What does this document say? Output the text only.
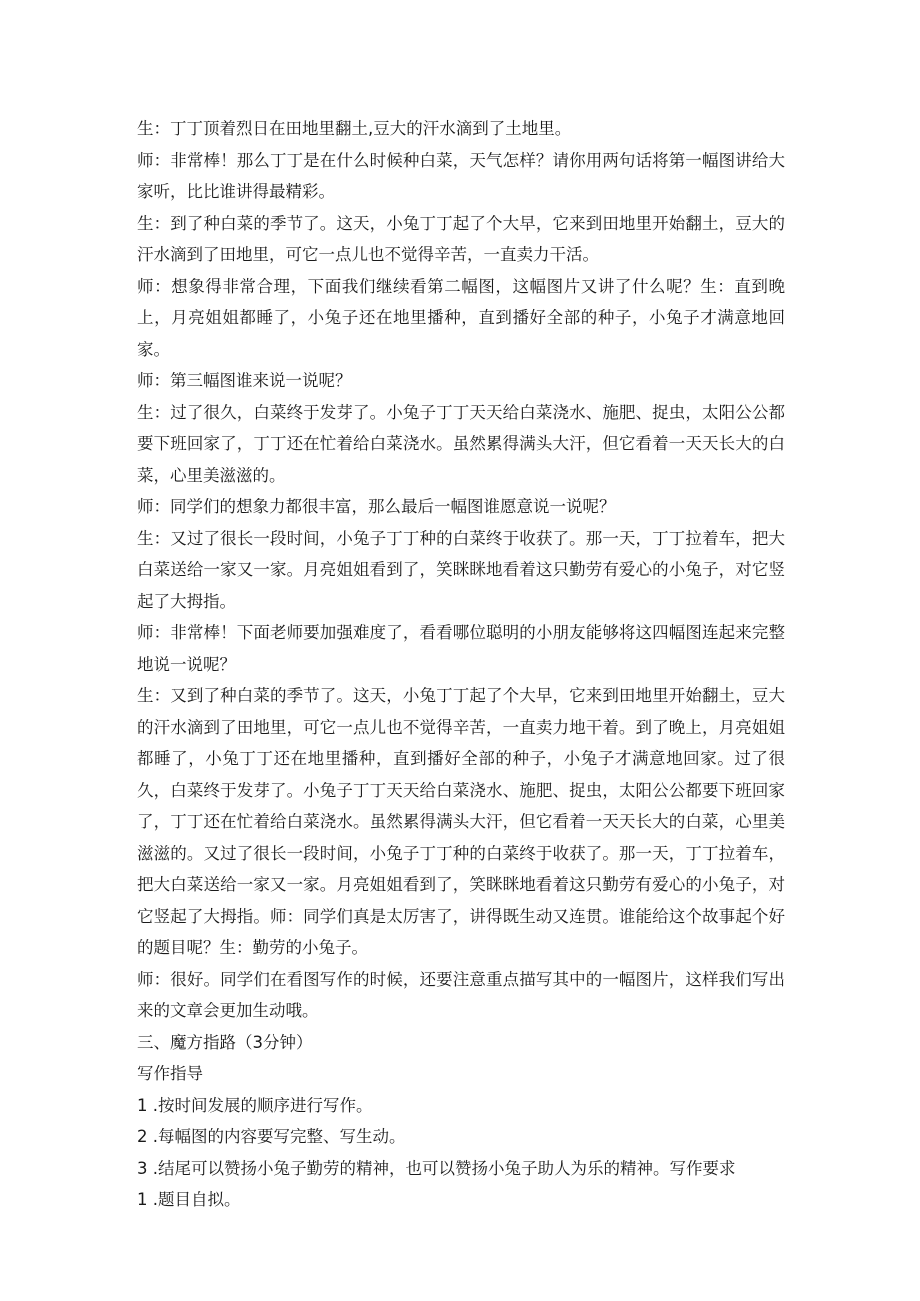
生：丁丁顶着烈日在田地里翻土,豆大的汗水滴到了土地里。

师：非常棒！那么丁丁是在什么时候种白菜，天气怎样？请你用两句话将第一幅图讲给大家听，比比谁讲得最精彩。

生：到了种白菜的季节了。这天，小兔丁丁起了个大早，它来到田地里开始翻土，豆大的汗水滴到了田地里，可它一点儿也不觉得辛苦，一直卖力干活。

师：想象得非常合理，下面我们继续看第二幅图，这幅图片又讲了什么呢？生：直到晚上，月亮姐姐都睡了，小兔子还在地里播种，直到播好全部的种子，小兔子才满意地回家。

师：第三幅图谁来说一说呢？

生：过了很久，白菜终于发芽了。小兔子丁丁天天给白菜浇水、施肥、捉虫，太阳公公都要下班回家了，丁丁还在忙着给白菜浇水。虽然累得满头大汗，但它看着一天天长大的白菜，心里美滋滋的。

师：同学们的想象力都很丰富，那么最后一幅图谁愿意说一说呢？

生：又过了很长一段时间，小兔子丁丁种的白菜终于收获了。那一天，丁丁拉着车，把大白菜送给一家又一家。月亮姐姐看到了，笑眯眯地看着这只勤劳有爱心的小兔子，对它竖起了大拇指。

师：非常棒！下面老师要加强难度了，看看哪位聪明的小朋友能够将这四幅图连起来完整地说一说呢？

生：又到了种白菜的季节了。这天，小兔丁丁起了个大早，它来到田地里开始翻土，豆大的汗水滴到了田地里，可它一点儿也不觉得辛苦，一直卖力地干着。到了晚上，月亮姐姐都睡了，小兔丁丁还在地里播种，直到播好全部的种子，小兔子才满意地回家。过了很久，白菜终于发芽了。小兔子丁丁天天给白菜浇水、施肥、捉虫，太阳公公都要下班回家了，丁丁还在忙着给白菜浇水。虽然累得满头大汗，但它看着一天天长大的白菜，心里美滋滋的。又过了很长一段时间，小兔子丁丁种的白菜终于收获了。那一天，丁丁拉着车，把大白菜送给一家又一家。月亮姐姐看到了，笑眯眯地看着这只勤劳有爱心的小兔子，对它竖起了大拇指。师：同学们真是太厉害了，讲得既生动又连贯。谁能给这个故事起个好的题目呢？生：勤劳的小兔子。

师：很好。同学们在看图写作的时候，还要注意重点描写其中的一幅图片，这样我们写出来的文章会更加生动哦。

三、魔方指路（3分钟）

写作指导

1 .按时间发展的顺序进行写作。

2 .每幅图的内容要写完整、写生动。

3 .结尾可以赞扬小兔子勤劳的精神，也可以赞扬小兔子助人为乐的精神。写作要求

1 .题目自拟。
